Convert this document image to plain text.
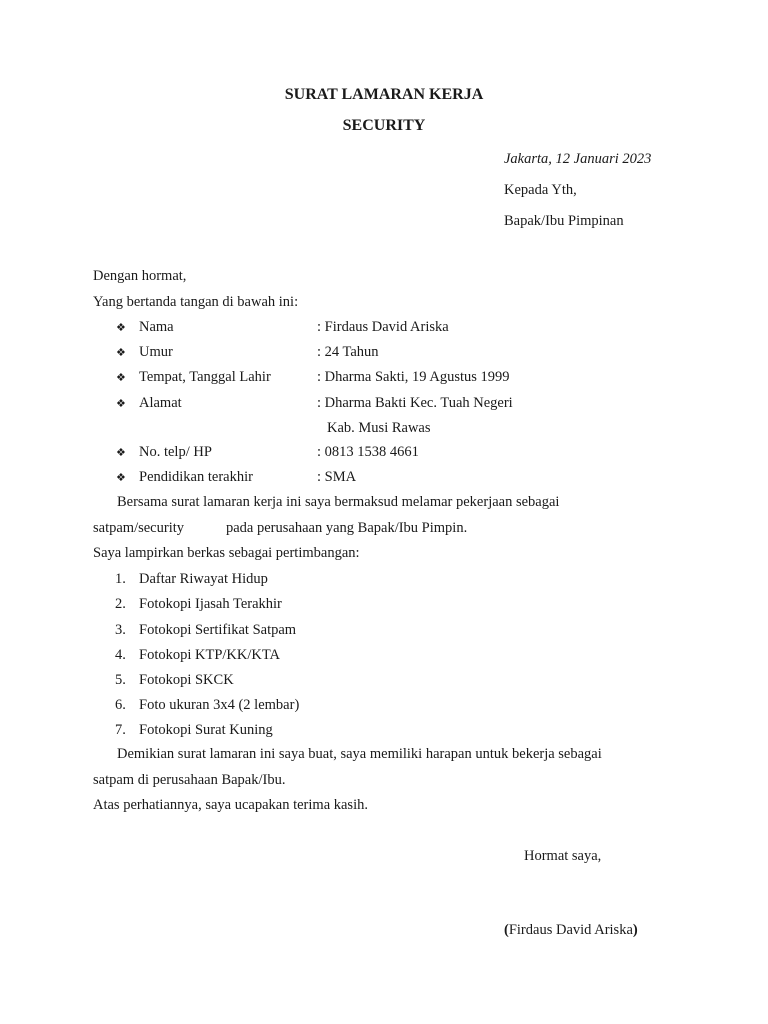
SURAT LAMARAN KERJA
SECURITY
Jakarta, 12 Januari 2023
Kepada Yth,
Bapak/Ibu Pimpinan
Dengan hormat,
Yang bertanda tangan di bawah ini:
❖ Nama	: Firdaus David Ariska
❖ Umur	: 24 Tahun
❖ Tempat, Tanggal Lahir	: Dharma Sakti, 19 Agustus 1999
❖ Alamat	: Dharma Bakti Kec. Tuah Negeri
Kab. Musi Rawas
❖ No. telp/ HP	: 0813 1538 4661
❖ Pendidikan terakhir	: SMA
Bersama surat lamaran kerja ini saya bermaksud melamar pekerjaan sebagai
satpam/security	pada perusahaan yang Bapak/Ibu Pimpin.
Saya lampirkan berkas sebagai pertimbangan:
1. Daftar Riwayat Hidup
2. Fotokopi Ijasah Terakhir
3. Fotokopi Sertifikat Satpam
4. Fotokopi KTP/KK/KTA
5. Fotokopi SKCK
6. Foto ukuran 3x4 (2 lembar)
7. Fotokopi Surat Kuning
Demikian surat lamaran ini saya buat, saya memiliki harapan untuk bekerja sebagai
satpam di perusahaan Bapak/Ibu.
Atas perhatiannya, saya ucapakan terima kasih.
Hormat saya,
(Firdaus David Ariska)
